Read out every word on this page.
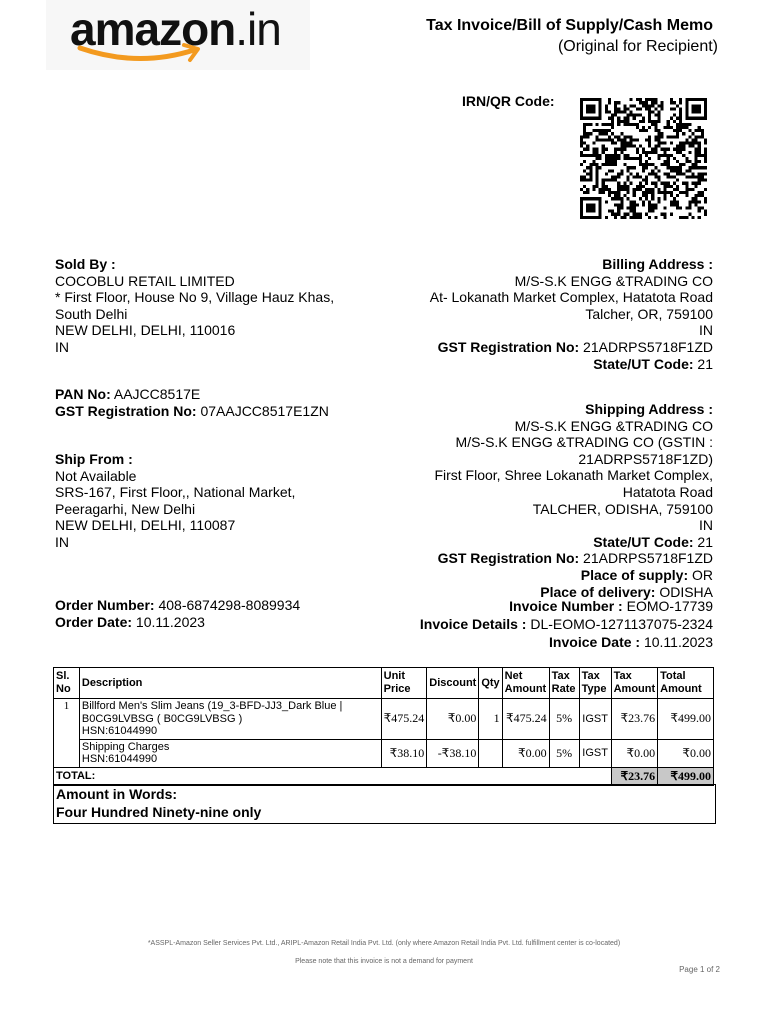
amazon.in	Tax Invoice/Bill of Supply/Cash Memo
(Original for Recipient)
IRN/QR Code:
Sold By :
COCOBLU RETAIL LIMITED
* First Floor, House No 9, Village Hauz Khas,
South Delhi
NEW DELHI, DELHI, 110016
IN
PAN No: AAJCC8517E
GST Registration No: 07AAJCC8517E1ZN
Ship From :
Not Available
SRS-167, First Floor,, National Market,
Peeragarhi, New Delhi
NEW DELHI, DELHI, 110087
IN
Order Number: 408-6874298-8089934
Order Date: 10.11.2023
Billing Address :
M/S-S.K ENGG &TRADING CO
At- Lokanath Market Complex, Hatatota Road
Talcher, OR, 759100
IN
GST Registration No: 21ADRPS5718F1ZD
State/UT Code: 21
Shipping Address :
M/S-S.K ENGG &TRADING CO
M/S-S.K ENGG &TRADING CO (GSTIN :
21ADRPS5718F1ZD)
First Floor, Shree Lokanath Market Complex,
Hatatota Road
TALCHER, ODISHA, 759100
IN
State/UT Code: 21
GST Registration No: 21ADRPS5718F1ZD
Place of supply: OR
Place of delivery: ODISHA
Invoice Number : EOMO-17739
Invoice Details : DL-EOMO-1271137075-2324
Invoice Date : 10.11.2023
Sl. No	Description	Unit Price	Discount	Qty	Net Amount	Tax Rate	Tax Type	Tax Amount	Total Amount
1	Billford Men's Slim Jeans (19_3-BFD-JJ3_Dark Blue |
B0CG9LVBSG ( B0CG9LVBSG )
HSN:61044990	₹475.24	₹0.00	1	₹475.24	5%	IGST	₹23.76	₹499.00

	Shipping Charges
HSN:61044990	₹38.10	-₹38.10		₹0.00	5%	IGST	₹0.00	₹0.00
TOTAL:								₹23.76	₹499.00
Amount in Words:
Four Hundred Ninety-nine only
*ASSPL-Amazon Seller Services Pvt. Ltd., ARIPL-Amazon Retail India Pvt. Ltd. (only where Amazon Retail India Pvt. Ltd. fulfillment center is co-located)
Please note that this invoice is not a demand for payment
Page 1 of 2
